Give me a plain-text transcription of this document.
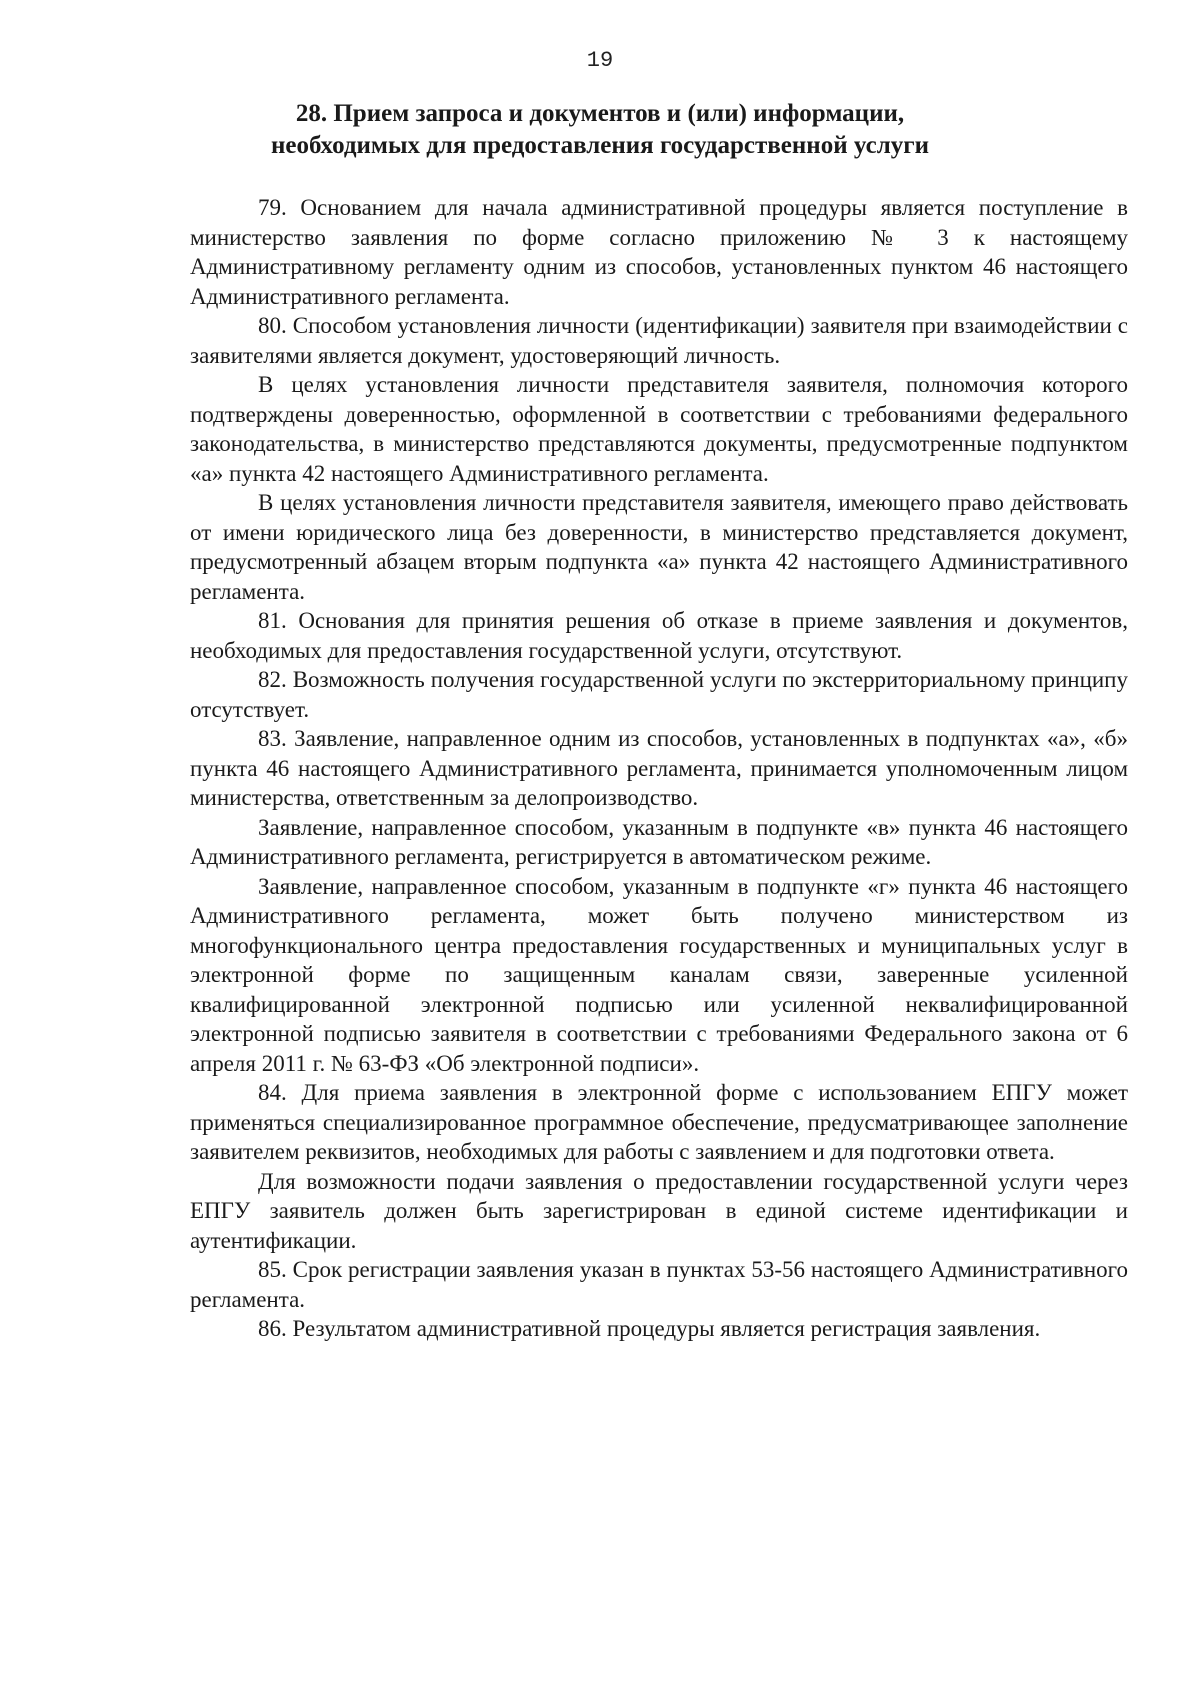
19
28. Прием запроса и документов и (или) информации,
необходимых для предоставления государственной услуги

79. Основанием для начала административной процедуры является поступление в министерство заявления по форме согласно приложению № 3 к настоящему Административному регламенту одним из способов, установленных пунктом 46 настоящего Административного регламента.

80. Способом установления личности (идентификации) заявителя при взаимодействии с заявителями является документ, удостоверяющий личность.

В целях установления личности представителя заявителя, полномочия которого подтверждены доверенностью, оформленной в соответствии с требованиями федерального законодательства, в министерство представляются документы, предусмотренные подпунктом «а» пункта 42 настоящего Административного регламента.

В целях установления личности представителя заявителя, имеющего право действовать от имени юридического лица без доверенности, в министерство представляется документ, предусмотренный абзацем вторым подпункта «а» пункта 42 настоящего Административного регламента.

81. Основания для принятия решения об отказе в приеме заявления и документов, необходимых для предоставления государственной услуги, отсутствуют.

82. Возможность получения государственной услуги по экстерриториальному принципу отсутствует.

83. Заявление, направленное одним из способов, установленных в подпунктах «а», «б» пункта 46 настоящего Административного регламента, принимается уполномоченным лицом министерства, ответственным за делопроизводство.

Заявление, направленное способом, указанным в подпункте «в» пункта 46 настоящего Административного регламента, регистрируется в автоматическом режиме.

Заявление, направленное способом, указанным в подпункте «г» пункта 46 настоящего Административного регламента, может быть получено министерством из многофункционального центра предоставления государственных и муниципальных услуг в электронной форме по защищенным каналам связи, заверенные усиленной квалифицированной электронной подписью или усиленной неквалифицированной электронной подписью заявителя в соответствии с требованиями Федерального закона от 6 апреля 2011 г. № 63-ФЗ «Об электронной подписи».

84. Для приема заявления в электронной форме с использованием ЕПГУ может применяться специализированное программное обеспечение, предусматривающее заполнение заявителем реквизитов, необходимых для работы с заявлением и для подготовки ответа.

Для возможности подачи заявления о предоставлении государственной услуги через ЕПГУ заявитель должен быть зарегистрирован в единой системе идентификации и аутентификации.

85. Срок регистрации заявления указан в пунктах 53-56 настоящего Административного регламента.

86. Результатом административной процедуры является регистрация заявления.
